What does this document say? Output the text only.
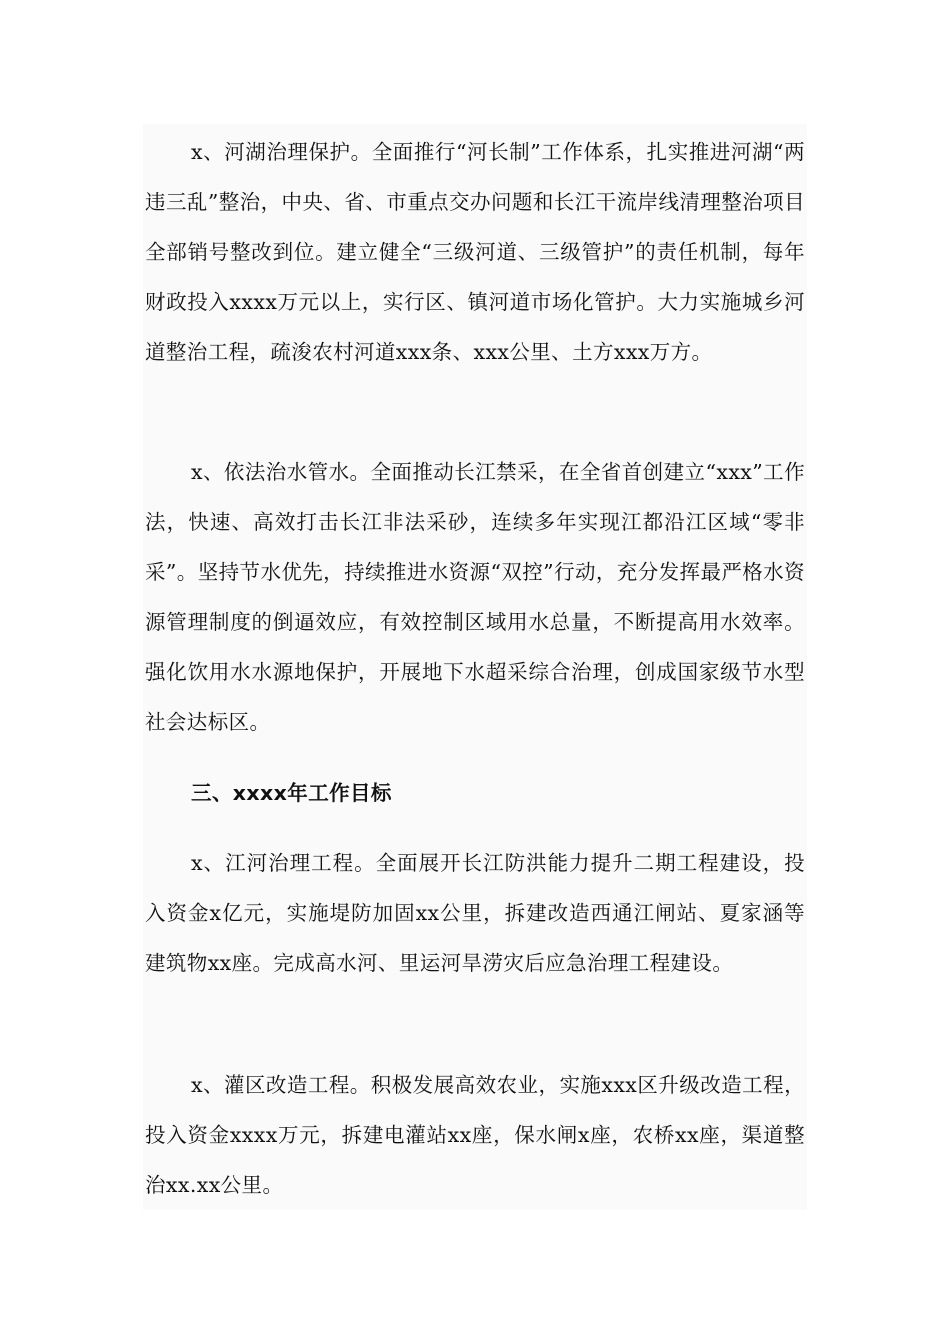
x、河湖治理保护。全面推行“河长制”工作体系，扎实推进河湖“两违三乱”整治，中央、省、市重点交办问题和长江干流岸线清理整治项目全部销号整改到位。建立健全“三级河道、三级管护”的责任机制，每年财政投入xxxx万元以上，实行区、镇河道市场化管护。大力实施城乡河道整治工程，疏浚农村河道xxx条、xxx公里、土方xxx万方。

x、依法治水管水。全面推动长江禁采，在全省首创建立“xxx”工作法，快速、高效打击长江非法采砂，连续多年实现江都沿江区域“零非采”。坚持节水优先，持续推进水资源“双控”行动，充分发挥最严格水资源管理制度的倒逼效应，有效控制区域用水总量，不断提高用水效率。强化饮用水水源地保护，开展地下水超采综合治理，创成国家级节水型社会达标区。

三、xxxx年工作目标

x、江河治理工程。全面展开长江防洪能力提升二期工程建设，投入资金x亿元，实施堤防加固xx公里，拆建改造西通江闸站、夏家涵等建筑物xx座。完成高水河、里运河旱涝灾后应急治理工程建设。

x、灌区改造工程。积极发展高效农业，实施xxx区升级改造工程，投入资金xxxx万元，拆建电灌站xx座，保水闸x座，农桥xx座，渠道整治xx.xx公里。
